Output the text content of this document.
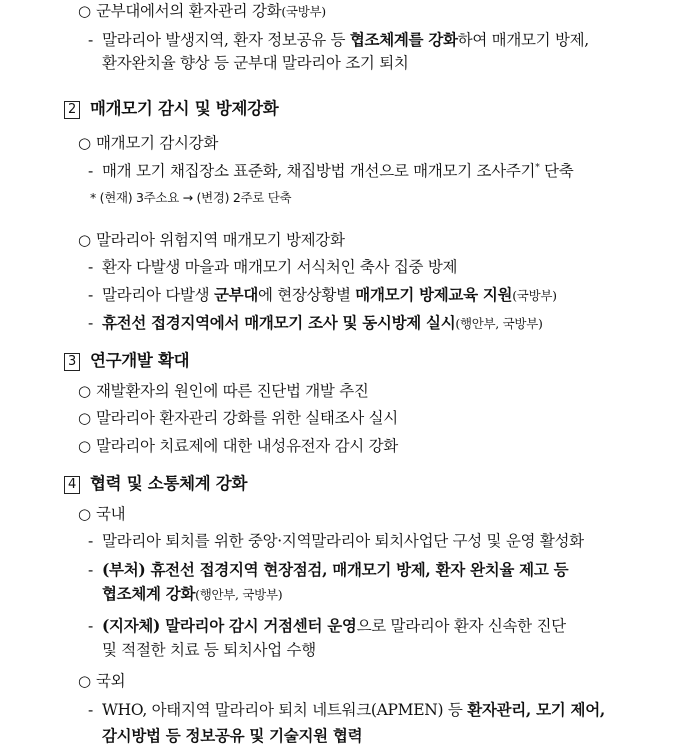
○ 군부대에서의 환자관리 강화(국방부)
- 말라리아 발생지역, 환자 정보공유 등 협조체계를 강화하여 매개모기 방제,
환자완치율 향상 등 군부대 말라리아 조기 퇴치
2 매개모기 감시 및 방제강화
○ 매개모기 감시강화
- 매개 모기 채집장소 표준화, 채집방법 개선으로 매개모기 조사주기* 단축
* (현재) 3주소요 → (변경) 2주로 단축
○ 말라리아 위험지역 매개모기 방제강화
- 환자 다발생 마을과 매개모기 서식처인 축사 집중 방제
- 말라리아 다발생 군부대에 현장상황별 매개모기 방제교육 지원(국방부)
- 휴전선 접경지역에서 매개모기 조사 및 동시방제 실시(행안부, 국방부)
3 연구개발 확대
○ 재발환자의 원인에 따른 진단법 개발 추진
○ 말라리아 환자관리 강화를 위한 실태조사 실시
○ 말라리아 치료제에 대한 내성유전자 감시 강화
4 협력 및 소통체계 강화
○ 국내
- 말라리아 퇴치를 위한 중앙·지역말라리아 퇴치사업단 구성 및 운영 활성화
- (부처) 휴전선 접경지역 현장점검, 매개모기 방제, 환자 완치율 제고 등
협조체계 강화(행안부, 국방부)
- (지자체) 말라리아 감시 거점센터 운영으로 말라리아 환자 신속한 진단
및 적절한 치료 등 퇴치사업 수행
○ 국외
- WHO, 아태지역 말라리아 퇴치 네트워크(APMEN) 등 환자관리, 모기 제어,
감시방법 등 정보공유 및 기술지원 협력
